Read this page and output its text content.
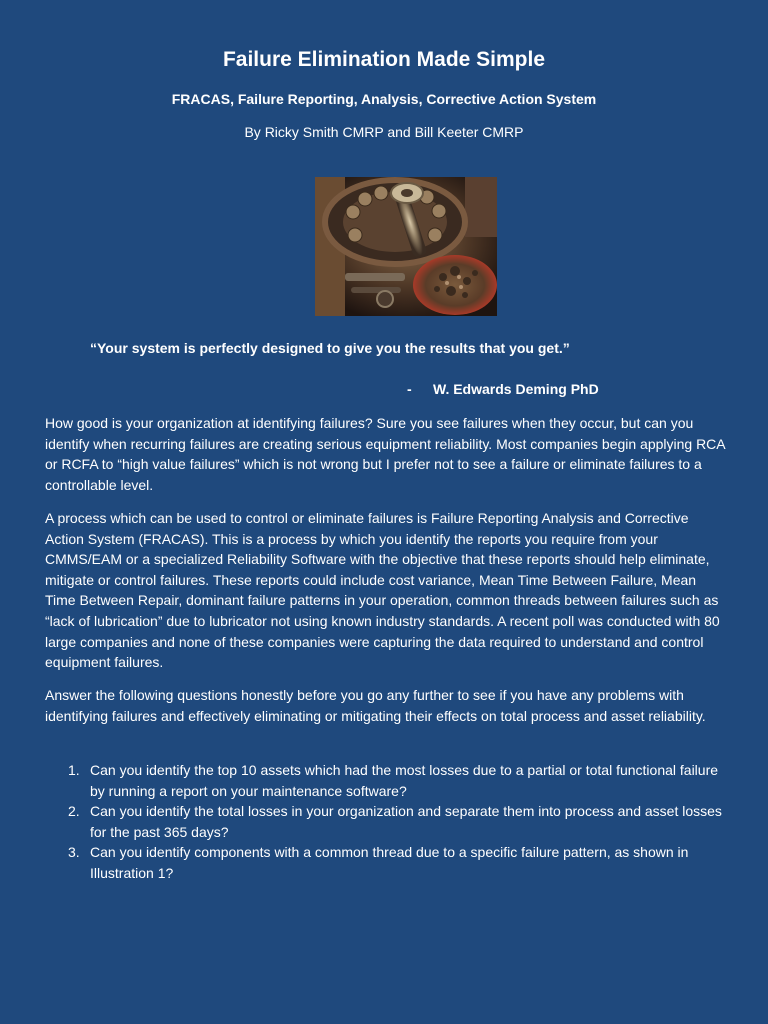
Failure Elimination Made Simple
FRACAS, Failure Reporting, Analysis, Corrective Action System
By Ricky Smith CMRP and Bill Keeter CMRP
“Your system is perfectly designed to give you the results that you get.”
- W. Edwards Deming PhD

How good is your organization at identifying failures? Sure you see failures when they occur, but can you identify when recurring failures are creating serious equipment reliability. Most companies begin applying RCA or RCFA to “high value failures” which is not wrong but I prefer not to see a failure or eliminate failures to a controllable level.

A process which can be used to control or eliminate failures is Failure Reporting Analysis and Corrective Action System (FRACAS). This is a process by which you identify the reports you require from your CMMS/EAM or a specialized Reliability Software with the objective that these reports should help eliminate, mitigate or control failures. These reports could include cost variance, Mean Time Between Failure, Mean Time Between Repair, dominant failure patterns in your operation, common threads between failures such as “lack of lubrication” due to lubricator not using known industry standards. A recent poll was conducted with 80 large companies and none of these companies were capturing the data required to understand and control equipment failures.

Answer the following questions honestly before you go any further to see if you have any problems with identifying failures and effectively eliminating or mitigating their effects on total process and asset reliability.

1. Can you identify the top 10 assets which had the most losses due to a partial or total functional failure by running a report on your maintenance software?
2. Can you identify the total losses in your organization and separate them into process and asset losses for the past 365 days?
3. Can you identify components with a common thread due to a specific failure pattern, as shown in Illustration 1?
